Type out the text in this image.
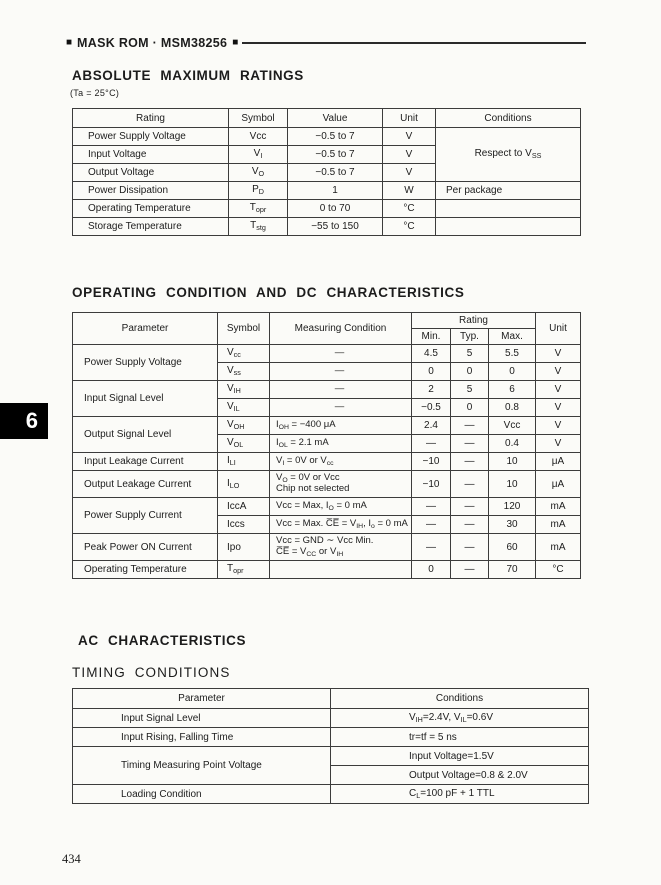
■ MASK ROM · MSM38256 ■
ABSOLUTE MAXIMUM RATINGS
(Ta = 25°C)
Rating	Symbol	Value	Unit	Conditions
Power Supply Voltage	Vcc	−0.5 to 7	V	Respect to $V_{SS}$
Input Voltage	$V_I$	−0.5 to 7	V	
Output Voltage	$V_O$	−0.5 to 7	V	
Power Dissipation	$P_D$	1	W	Per package
Operating Temperature	$T_{opr}$	0 to 70	°C	
Storage Temperature	$T_{stg}$	−55 to 150	°C	
OPERATING CONDITION AND DC CHARACTERISTICS
Parameter	Symbol	Measuring Condition	Rating			Unit
			Min.	Typ.	Max.	
Power Supply Voltage	$V_{cc}$	—	4.5	5	5.5	V
	$V_{ss}$	—	0	0	0	V
Input Signal Level	$V_{IH}$	—	2	5	6	V
	$V_{IL}$	—	−0.5	0	0.8	V
Output Signal Level	$V_{OH}$	$I_{OH} = -400$ μA	2.4	—	Vcc	V
	$V_{OL}$	$I_{OL} = 2.1$ mA	—	—	0.4	V
Input Leakage Current	$I_{LI}$	$V_I = 0V$ or $V_{cc}$	−10	—	10	μA
Output Leakage Current	$I_{LO}$	$V_O = 0V$ or Vcc
Chip not selected	−10	—	10	μA
Power Supply Current	IccA	Vcc = Max, $I_O = 0$ mA	—	—	120	mA
	Iccs	Vcc = Max. C̅E̅ = $V_{IH}$, $I_o = 0$ mA	—	—	30	mA
Peak Power ON Current	Ipo	Vcc = GND ∼ Vcc Min.
C̅E̅ = $V_{CC}$ or $V_{IH}$	—	—	60	mA
Operating Temperature	$T_{opr}$		0	—	70	°C
6
AC CHARACTERISTICS
TIMING CONDITIONS
Parameter	Conditions
Input Signal Level	$V_{IH}=2.4V$, $V_{IL}=0.6V$
Input Rising, Falling Time	tr=tf = 5 ns
Timing Measuring Point Voltage	Input Voltage=1.5V
	Output Voltage=0.8 & 2.0V
Loading Condition	$C_L=100$ pF + 1 TTL
434
